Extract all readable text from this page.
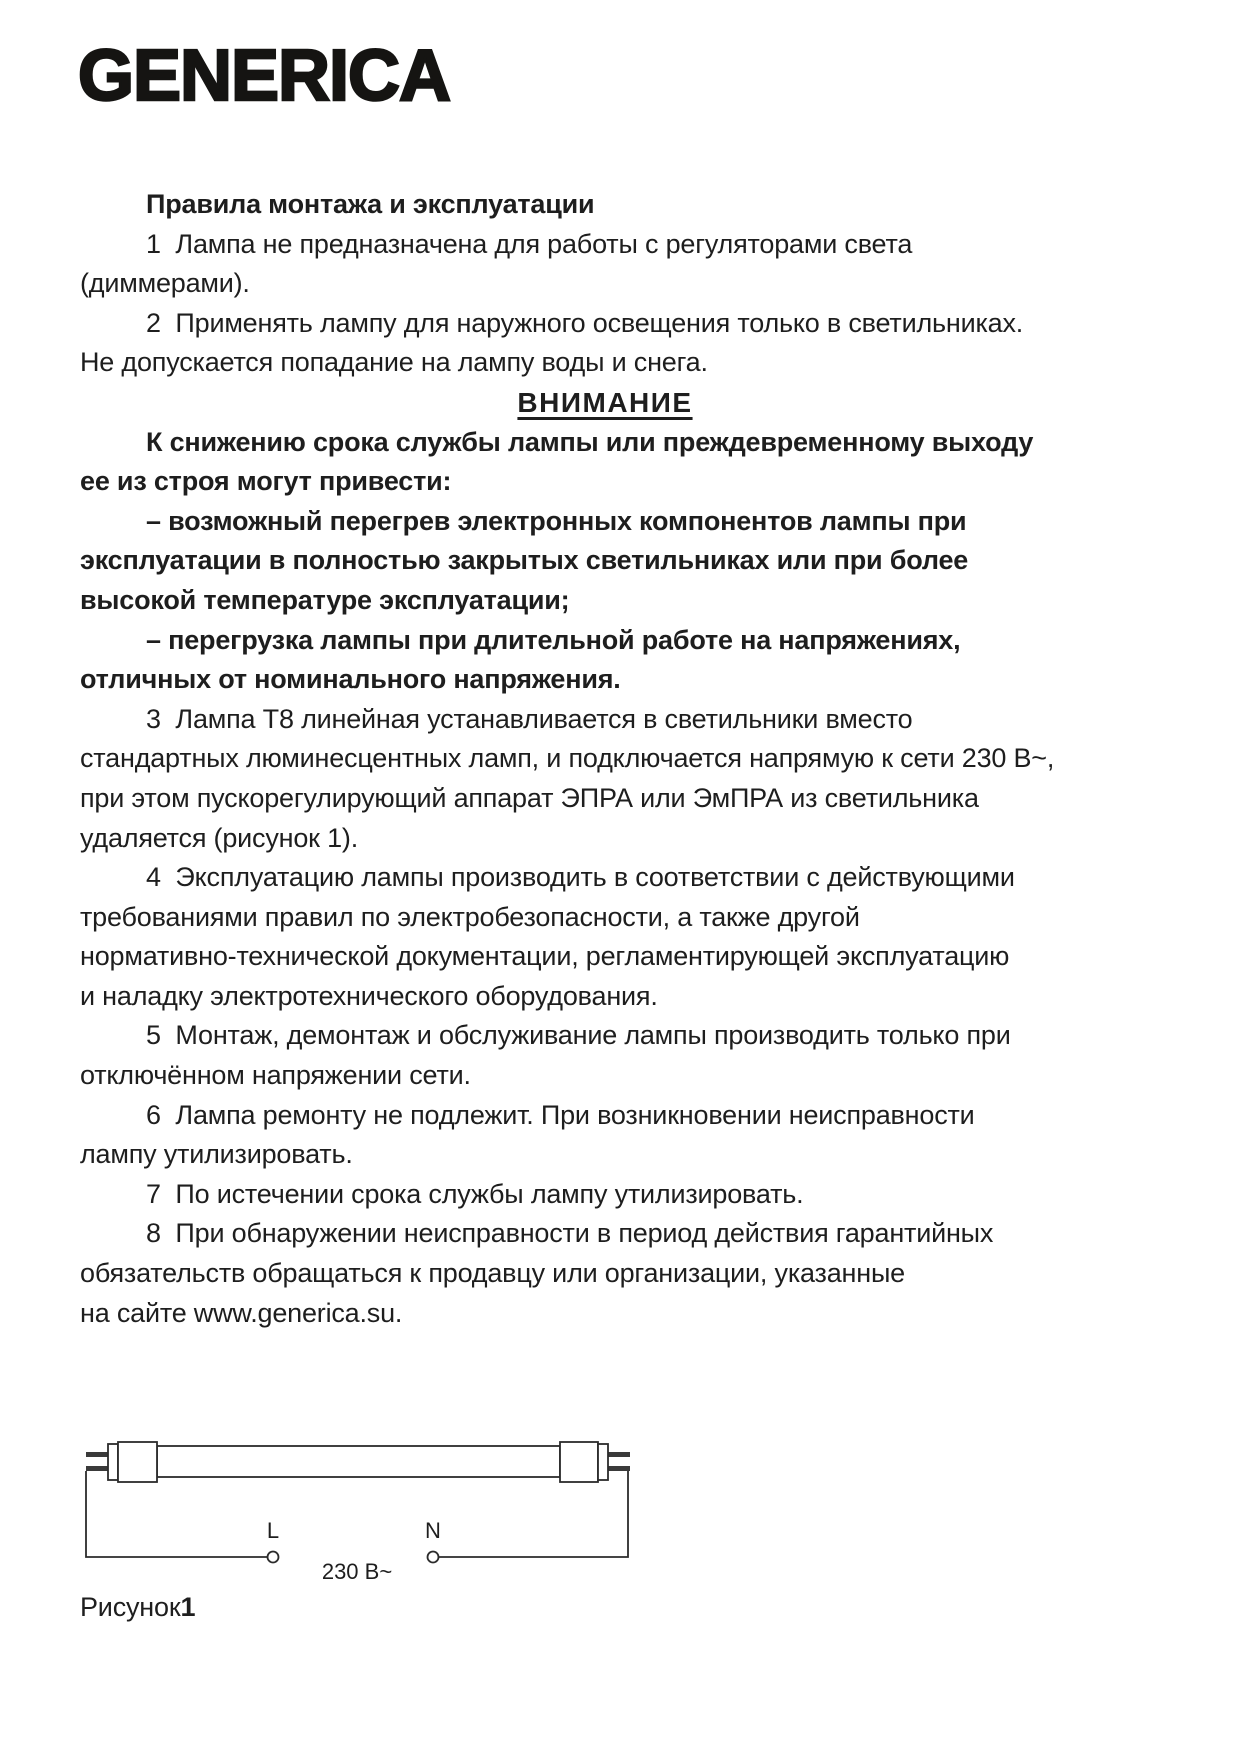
GENERICA
Правила монтажа и эксплуатации
1  Лампа не предназначена для работы с регуляторами света
(диммерами).
2  Применять лампу для наружного освещения только в светильниках.
Не допускается попадание на лампу воды и снега.
ВНИМАНИЕ
К снижению срока службы лампы или преждевременному выходу
ее из строя могут привести:
– возможный перегрев электронных компонентов лампы при
эксплуатации в полностью закрытых светильниках или при более
высокой температуре эксплуатации;
– перегрузка лампы при длительной работе на напряжениях,
отличных от номинального напряжения.
3  Лампа Т8 линейная устанавливается в светильники вместо
стандартных люминесцентных ламп, и подключается напрямую к сети 230 В~,
при этом пускорегулирующий аппарат ЭПРА или ЭмПРА из светильника
удаляется (рисунок 1).
4  Эксплуатацию лампы производить в соответствии с действующими
требованиями правил по электробезопасности, а также другой
нормативно-технической документации, регламентирующей эксплуатацию
и наладку электротехнического оборудования.
5  Монтаж, демонтаж и обслуживание лампы производить только при
отключённом напряжении сети.
6  Лампа ремонту не подлежит. При возникновении неисправности
лампу утилизировать.
7  По истечении срока службы лампу утилизировать.
8  При обнаружении неисправности в период действия гарантийных
обязательств обращаться к продавцу или организации, указанные
на сайте www.generica.su.
L	N
230 В~
Рисунок1
